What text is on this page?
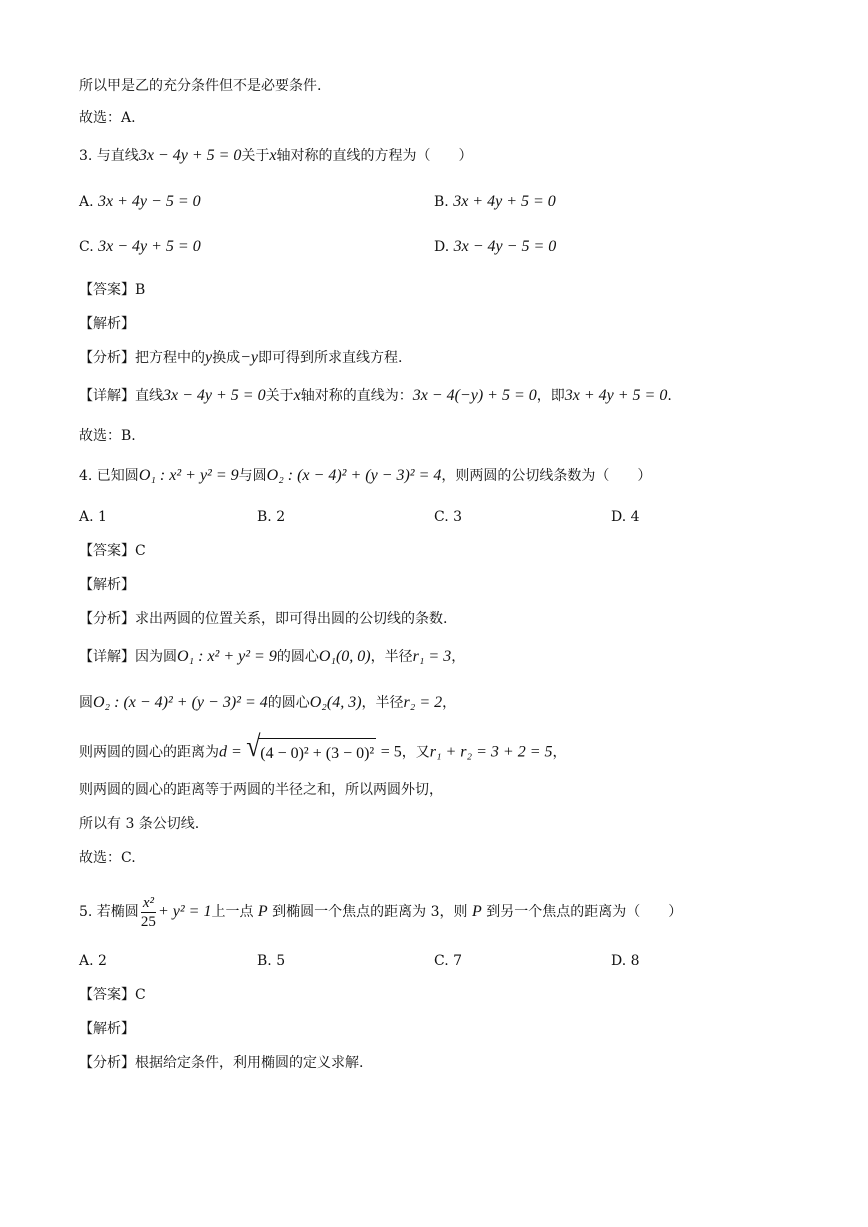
所以甲是乙的充分条件但不是必要条件.
故选：A.
3. 与直线3x − 4y + 5 = 0关于x轴对称的直线的方程为（　　）
A. 3x + 4y − 5 = 0	B. 3x + 4y + 5 = 0
C. 3x − 4y + 5 = 0	D. 3x − 4y − 5 = 0
【答案】B
【解析】
【分析】把方程中的y换成−y即可得到所求直线方程.
【详解】直线3x − 4y + 5 = 0关于x轴对称的直线为：3x − 4(−y) + 5 = 0，即3x + 4y + 5 = 0.
故选：B.
4. 已知圆O₁ : x² + y² = 9与圆O₂ : (x − 4)² + (y − 3)² = 4，则两圆的公切线条数为（　　）
A. 1	B. 2	C. 3	D. 4
【答案】C
【解析】
【分析】求出两圆的位置关系，即可得出圆的公切线的条数.
【详解】因为圆O₁ : x² + y² = 9的圆心O₁(0, 0)，半径r₁ = 3，
圆O₂ : (x − 4)² + (y − 3)² = 4的圆心O₂(4, 3)，半径r₂ = 2，
则两圆的圆心的距离为d = √ (4 − 0)² + (3 − 0)² = 5，又r₁ + r₂ = 3 + 2 = 5，
则两圆的圆心的距离等于两圆的半径之和，所以两圆外切，
所以有 3 条公切线.
故选：C.
5. 若椭圆 $\frac{\text{x²}}{25} + y^2 = 1$上一点 P 到椭圆一个焦点的距离为 3，则 P 到另一个焦点的距离为（　　）
A. 2	B. 5	C. 7	D. 8
【答案】C
【解析】
【分析】根据给定条件，利用椭圆的定义求解.
